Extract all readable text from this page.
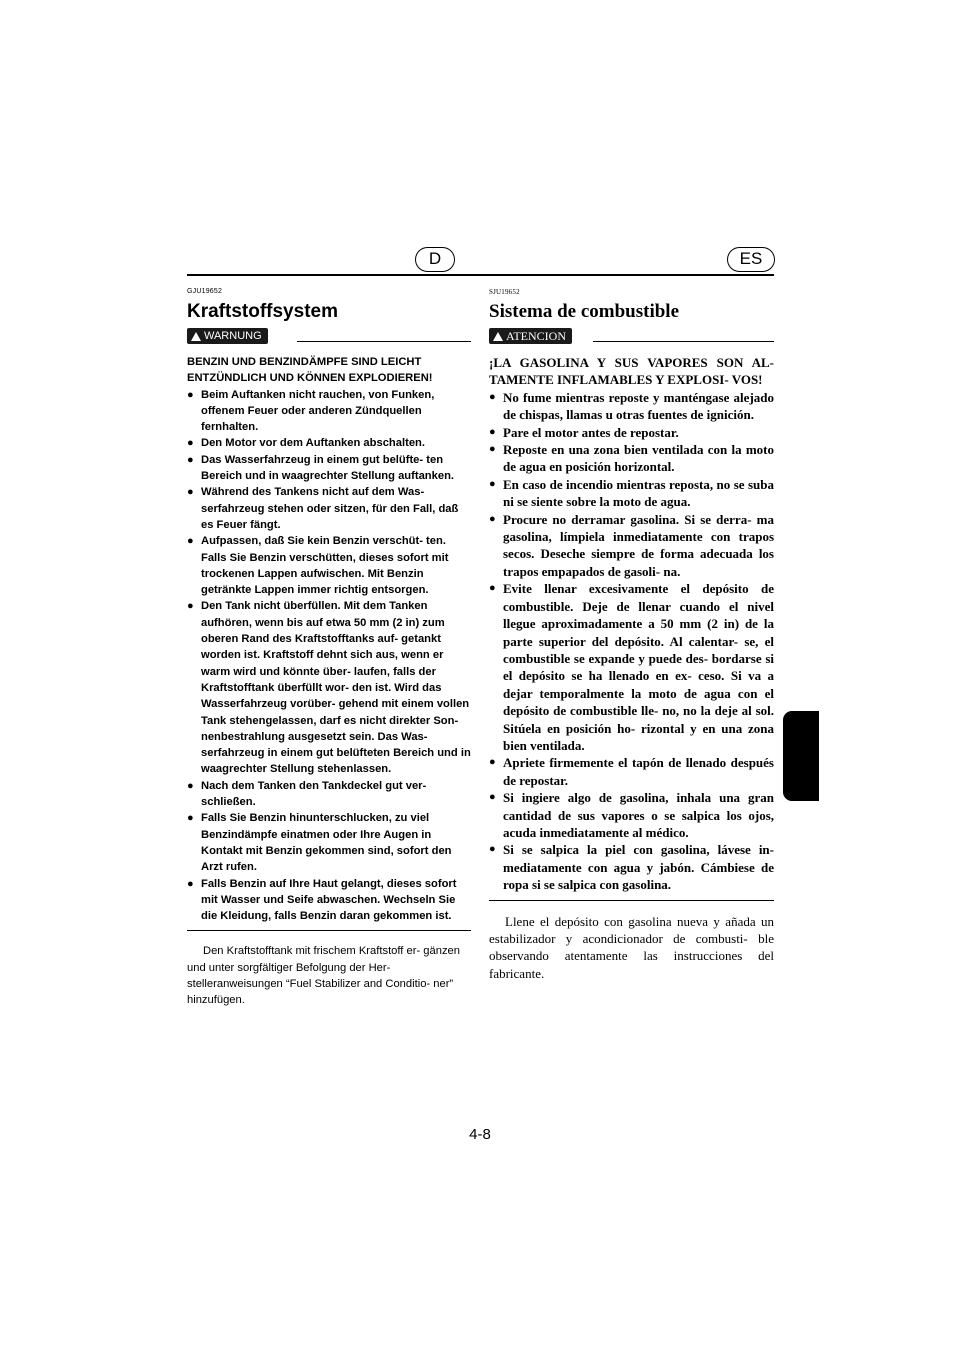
D	ES

GJU19652

Kraftstoffsystem
WARNUNG

BENZIN UND BENZINDÄMPFE SIND LEICHT ENTZÜNDLICH UND KÖNNEN EXPLODIEREN!

● Beim Auftanken nicht rauchen, von Funken, offenem Feuer oder anderen Zündquellen fernhalten.
● Den Motor vor dem Auftanken abschalten.
● Das Wasserfahrzeug in einem gut belüfte- ten Bereich und in waagrechter Stellung auftanken.
● Während des Tankens nicht auf dem Was- serfahrzeug stehen oder sitzen, für den Fall, daß es Feuer fängt.
● Aufpassen, daß Sie kein Benzin verschüt- ten. Falls Sie Benzin verschütten, dieses sofort mit trockenen Lappen aufwischen. Mit Benzin getränkte Lappen immer richtig entsorgen.
● Den Tank nicht überfüllen. Mit dem Tanken aufhören, wenn bis auf etwa 50 mm (2 in) zum oberen Rand des Kraftstofftanks auf- getankt worden ist. Kraftstoff dehnt sich aus, wenn er warm wird und könnte über- laufen, falls der Kraftstofftank überfüllt wor- den ist. Wird das Wasserfahrzeug vorüber- gehend mit einem vollen Tank stehengelassen, darf es nicht direkter Son- nenbestrahlung ausgesetzt sein. Das Was- serfahrzeug in einem gut belüfteten Bereich und in waagrechter Stellung stehenlassen.
● Nach dem Tanken den Tankdeckel gut ver- schließen.
● Falls Sie Benzin hinunterschlucken, zu viel Benzindämpfe einatmen oder Ihre Augen in Kontakt mit Benzin gekommen sind, sofort den Arzt rufen.
● Falls Benzin auf Ihre Haut gelangt, dieses sofort mit Wasser und Seife abwaschen. Wechseln Sie die Kleidung, falls Benzin daran gekommen ist.

Den Kraftstofftank mit frischem Kraftstoff er- gänzen und unter sorgfältiger Befolgung der Her- stelleranweisungen “Fuel Stabilizer and Conditio- ner” hinzufügen.

SJU19652

Sistema de combustible
ATENCION

¡LA GASOLINA Y SUS VAPORES SON AL- TAMENTE INFLAMABLES Y EXPLOSI- VOS!

● No fume mientras reposte y manténgase alejado de chispas, llamas u otras fuentes de ignición.
● Pare el motor antes de repostar.
● Reposte en una zona bien ventilada con la moto de agua en posición horizontal.
● En caso de incendio mientras reposta, no se suba ni se siente sobre la moto de agua.
● Procure no derramar gasolina. Si se derra- ma gasolina, límpiela inmediatamente con trapos secos. Deseche siempre de forma adecuada los trapos empapados de gasoli- na.
● Evite llenar excesivamente el depósito de combustible. Deje de llenar cuando el nivel llegue aproximadamente a 50 mm (2 in) de la parte superior del depósito. Al calentar- se, el combustible se expande y puede des- bordarse si el depósito se ha llenado en ex- ceso. Si va a dejar temporalmente la moto de agua con el depósito de combustible lle- no, no la deje al sol. Sitúela en posición ho- rizontal y en una zona bien ventilada.
● Apriete firmemente el tapón de llenado después de repostar.
● Si ingiere algo de gasolina, inhala una gran cantidad de sus vapores o se salpica los ojos, acuda inmediatamente al médico.
● Si se salpica la piel con gasolina, lávese in- mediatamente con agua y jabón. Cámbiese de ropa si se salpica con gasolina.

Llene el depósito con gasolina nueva y añada un estabilizador y acondicionador de combusti- ble observando atentamente las instrucciones del fabricante.

4-8
